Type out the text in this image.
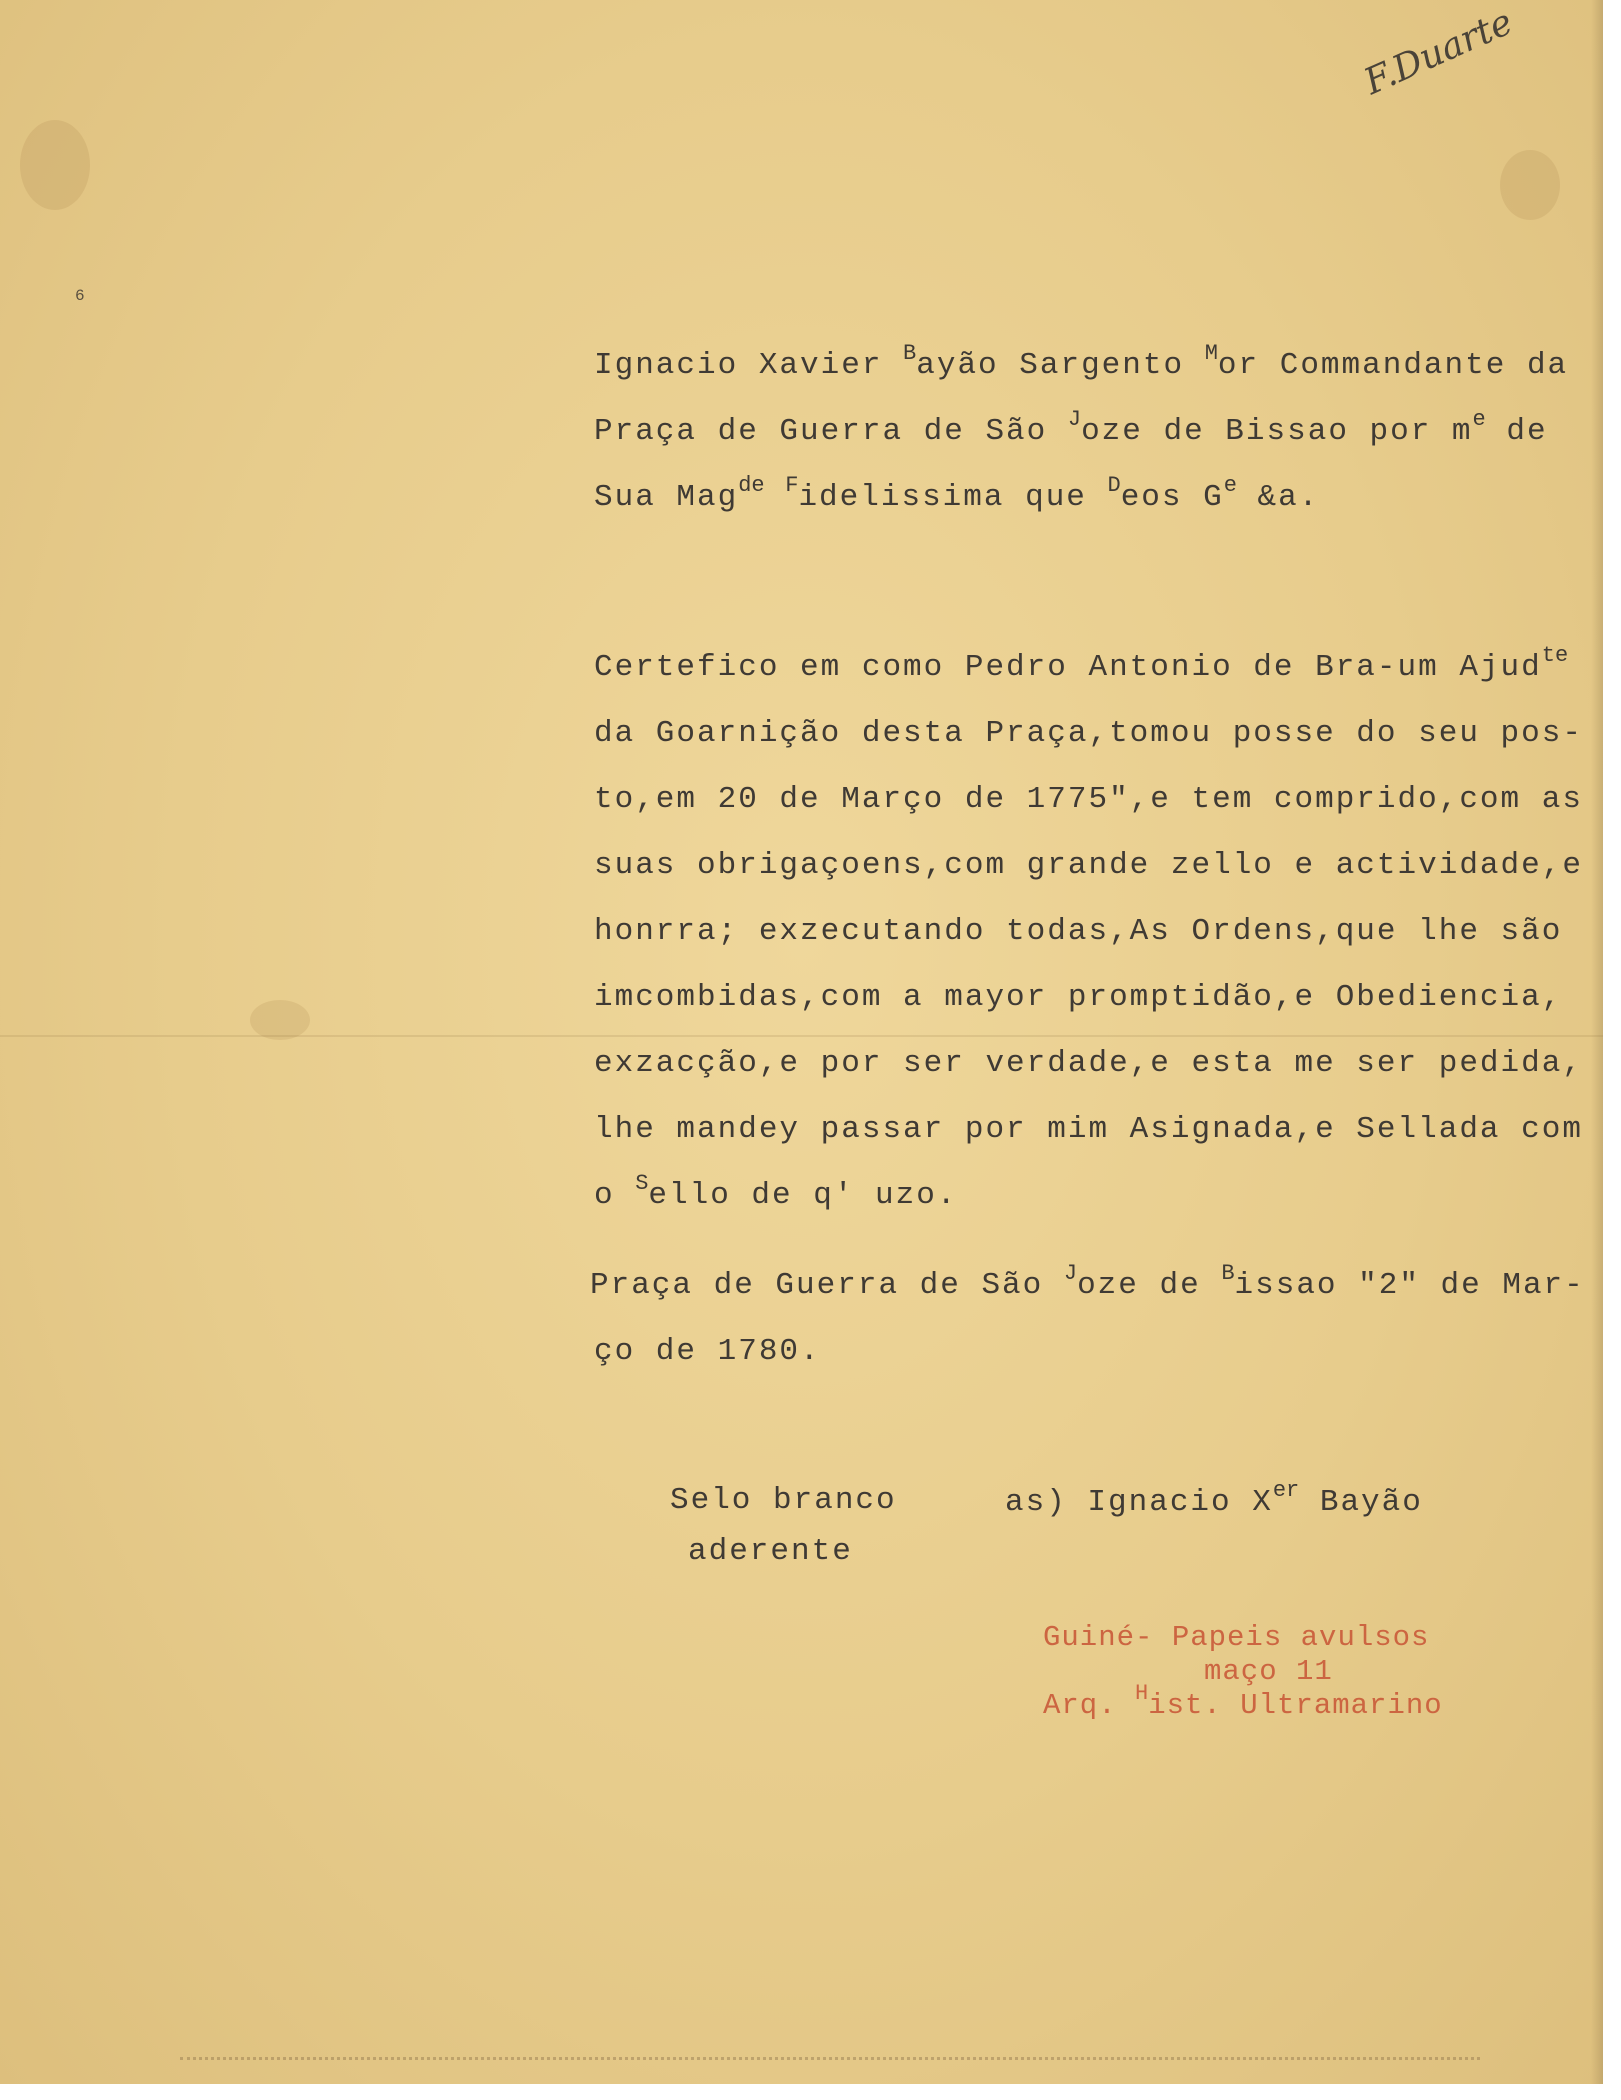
F.Duarte
6
Ignacio Xavier $^B$ayão Sargento $^M$or Commandante da
Praça de Guerra de São $^J$oze de Bissao por $m^e$ de
Sua Mag$^{de}$ $^F$idelissima que $^D$eos $G^e$ &a.
Certefico em como Pedro Antonio de Bra-um Ajud$^{te}$
da Goarnição desta Praça,tomou posse do seu pos-
to,em 20 de Março de 1775",e tem comprido,com as
suas obrigaçoens,com grande zello e actividade,e
honrra; exzecutando todas,As Ordens,que lhe são
imcombidas,com a mayor promptidão,e Obediencia,
exzacção,e por ser verdade,e esta me ser pedida,
lhe mandey passar por mim Asignada,e Sellada com
o $^S$ello de q' uzo.
Praça de Guerra de São $^J$oze de $^B$issao "2" de Mar-
ço de 1780.
Selo branco
aderente
as) Ignacio Xer Bayão
Guiné- Papeis avulsos
maço 11
Arq. $^H$ist. Ultramarino
